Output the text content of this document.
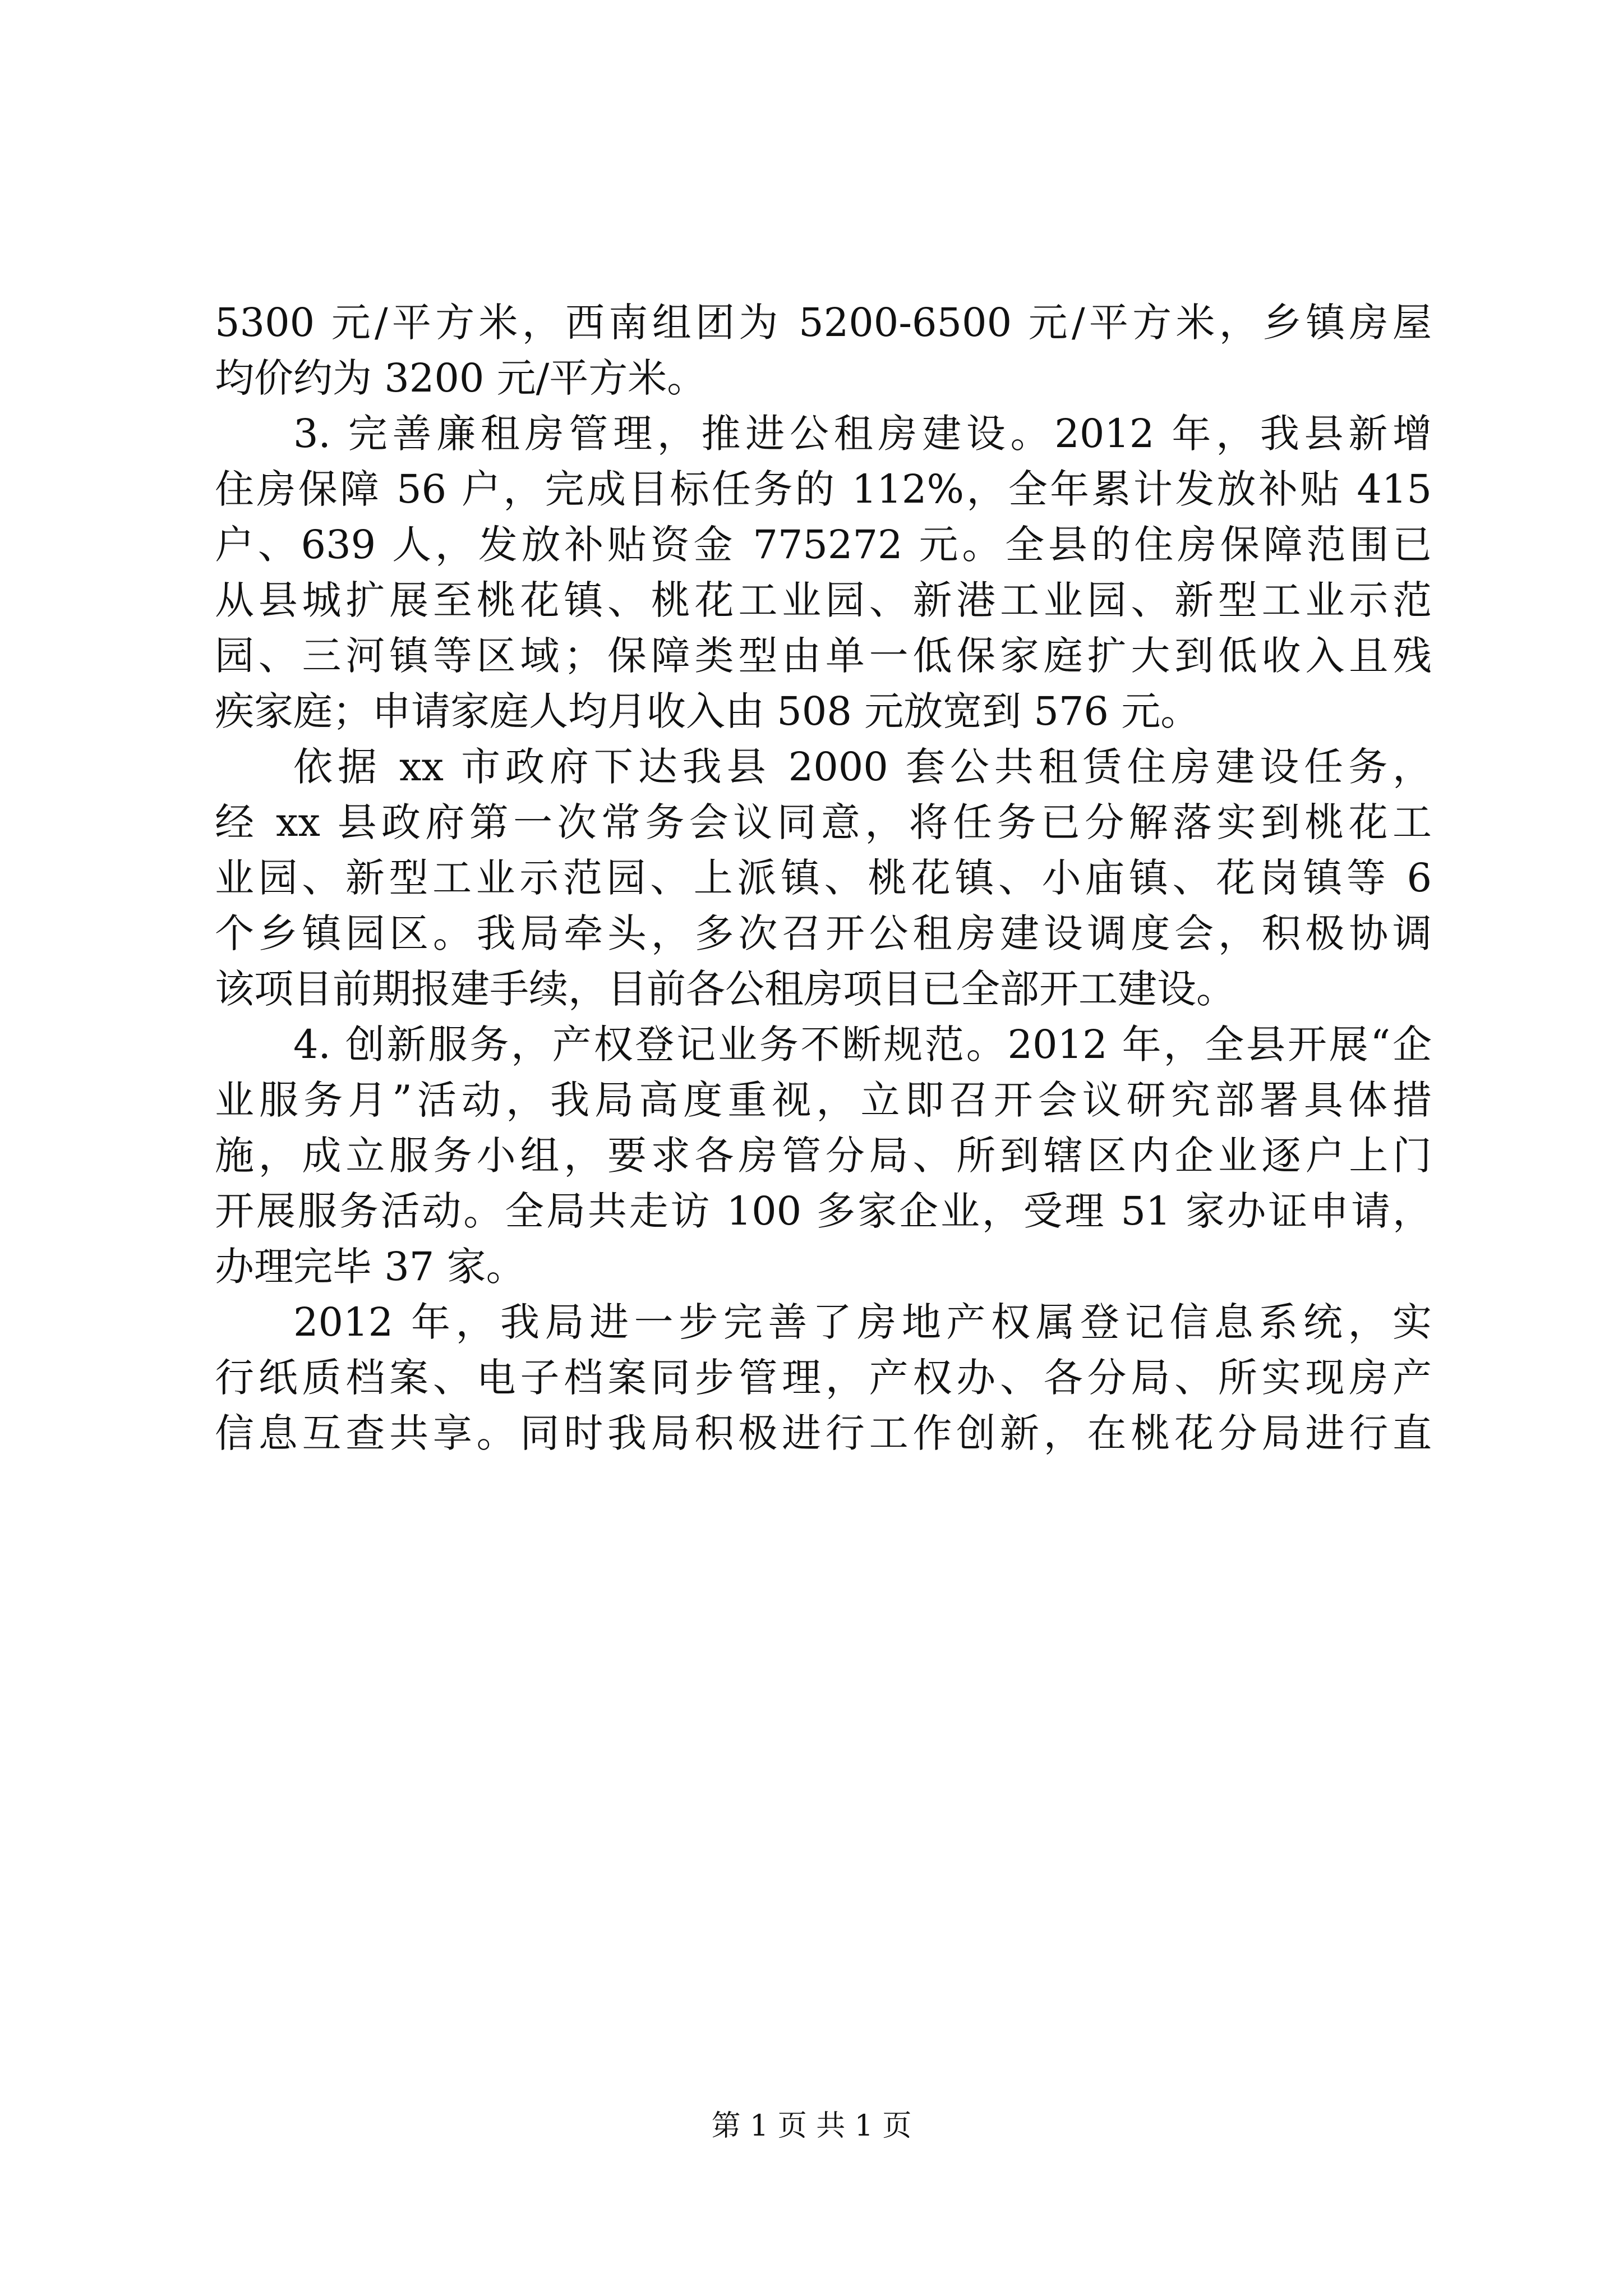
5300 元/平方米，西南组团为 5200-6500 元/平方米，乡镇房屋
均价约为 3200 元/平方米。
3. 完善廉租房管理，推进公租房建设。2012 年，我县新增
住房保障 56 户，完成目标任务的 112%，全年累计发放补贴 415
户、639 人，发放补贴资金 775272 元。全县的住房保障范围已
从县城扩展至桃花镇、桃花工业园、新港工业园、新型工业示范
园、三河镇等区域；保障类型由单一低保家庭扩大到低收入且残
疾家庭；申请家庭人均月收入由 508 元放宽到 576 元。
依据 xx 市政府下达我县 2000 套公共租赁住房建设任务，
经 xx 县政府第一次常务会议同意，将任务已分解落实到桃花工
业园、新型工业示范园、上派镇、桃花镇、小庙镇、花岗镇等 6
个乡镇园区。我局牵头，多次召开公租房建设调度会，积极协调
该项目前期报建手续，目前各公租房项目已全部开工建设。
4. 创新服务，产权登记业务不断规范。2012 年，全县开展“企
业服务月”活动，我局高度重视，立即召开会议研究部署具体措
施，成立服务小组，要求各房管分局、所到辖区内企业逐户上门
开展服务活动。全局共走访 100 多家企业，受理 51 家办证申请，
办理完毕 37 家。
2012 年，我局进一步完善了房地产权属登记信息系统，实
行纸质档案、电子档案同步管理，产权办、各分局、所实现房产
信息互查共享。同时我局积极进行工作创新，在桃花分局进行直
第 1 页 共 1 页
